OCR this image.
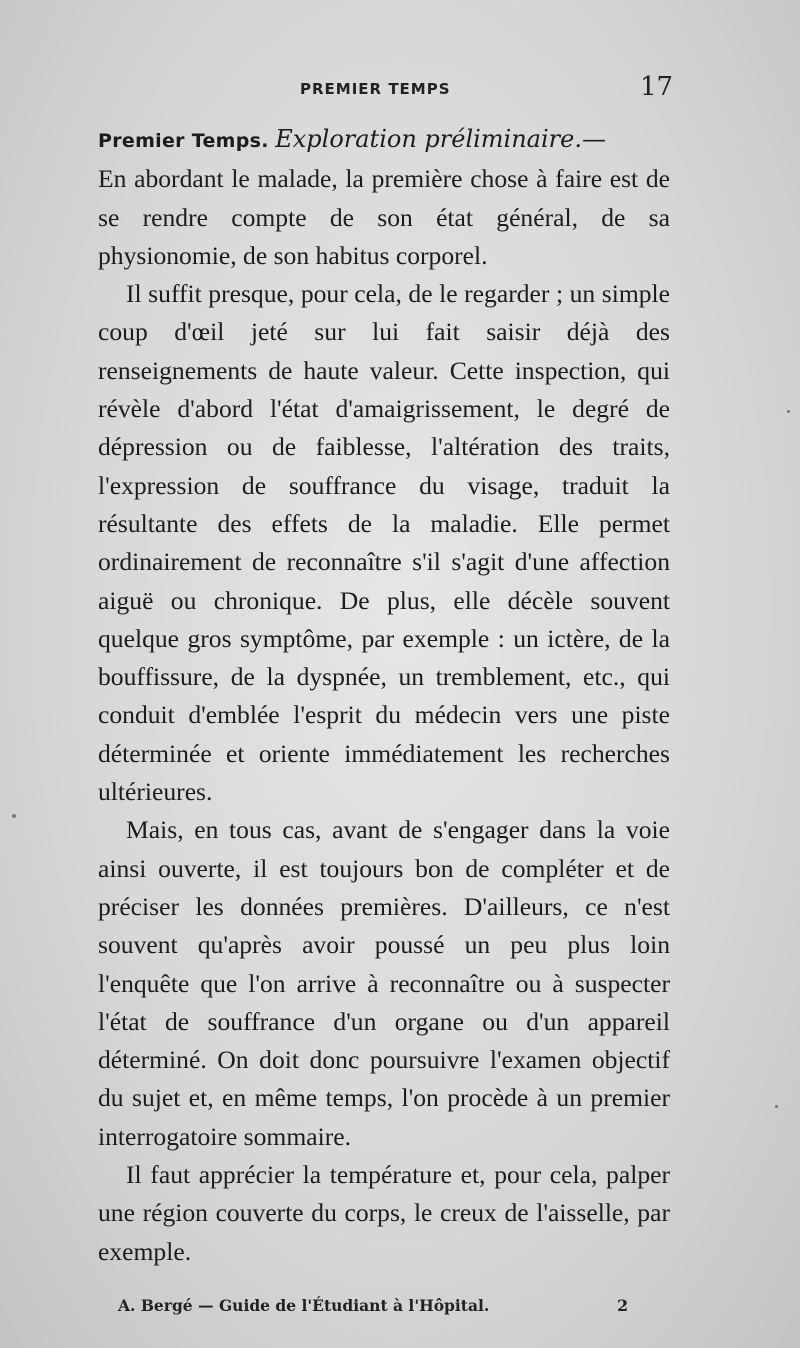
PREMIER TEMPS	17

Premier Temps. Exploration préliminaire.—

En abordant le malade, la première chose à faire est de se rendre compte de son état général, de sa physionomie, de son habitus corporel.

Il suffit presque, pour cela, de le regarder ; un simple coup d'œil jeté sur lui fait saisir déjà des renseignements de haute valeur. Cette inspection, qui révèle d'abord l'état d'amaigrissement, le degré de dépression ou de faiblesse, l'altération des traits, l'expression de souffrance du visage, traduit la résultante des effets de la maladie. Elle permet ordinairement de reconnaître s'il s'agit d'une affection aiguë ou chronique. De plus, elle décèle souvent quelque gros symptôme, par exemple : un ictère, de la bouffissure, de la dyspnée, un tremblement, etc., qui conduit d'emblée l'esprit du médecin vers une piste déterminée et oriente immédiatement les recherches ultérieures.

Mais, en tous cas, avant de s'engager dans la voie ainsi ouverte, il est toujours bon de compléter et de préciser les données premières. D'ailleurs, ce n'est souvent qu'après avoir poussé un peu plus loin l'enquête que l'on arrive à reconnaître ou à suspecter l'état de souffrance d'un organe ou d'un appareil déterminé. On doit donc poursuivre l'examen objectif du sujet et, en même temps, l'on procède à un premier interrogatoire sommaire.

Il faut apprécier la température et, pour cela, palper une région couverte du corps, le creux de l'aisselle, par exemple.

A. Bergé — Guide de l'Étudiant à l'Hôpital.	2
